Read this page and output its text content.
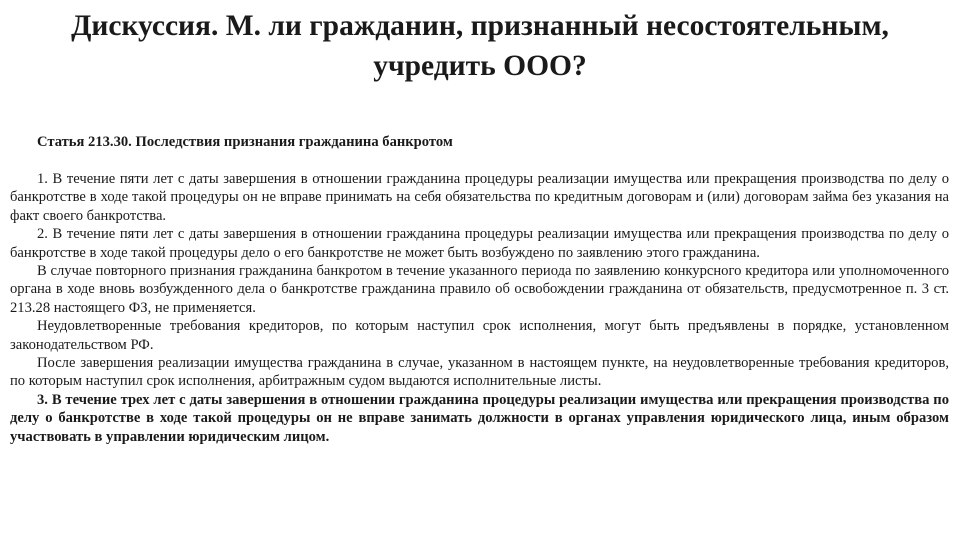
Дискуссия. М. ли гражданин, признанный несостоятельным,
учредить ООО?
Статья 213.30. Последствия признания гражданина банкротом

1. В течение пяти лет с даты завершения в отношении гражданина процедуры реализации имущества или прекращения производства по делу о банкротстве в ходе такой процедуры он не вправе принимать на себя обязательства по кредитным договорам и (или) договорам займа без указания на факт своего банкротства.

2. В течение пяти лет с даты завершения в отношении гражданина процедуры реализации имущества или прекращения производства по делу о банкротстве в ходе такой процедуры дело о его банкротстве не может быть возбуждено по заявлению этого гражданина.

В случае повторного признания гражданина банкротом в течение указанного периода по заявлению конкурсного кредитора или уполномоченного органа в ходе вновь возбужденного дела о банкротстве гражданина правило об освобождении гражданина от обязательств, предусмотренное п. 3 ст. 213.28 настоящего ФЗ, не применяется.

Неудовлетворенные требования кредиторов, по которым наступил срок исполнения, могут быть предъявлены в порядке, установленном законодательством РФ.

После завершения реализации имущества гражданина в случае, указанном в настоящем пункте, на неудовлетворенные требования кредиторов, по которым наступил срок исполнения, арбитражным судом выдаются исполнительные листы.

3. В течение трех лет с даты завершения в отношении гражданина процедуры реализации имущества или прекращения производства по делу о банкротстве в ходе такой процедуры он не вправе занимать должности в органах управления юридического лица, иным образом участвовать в управлении юридическим лицом.
